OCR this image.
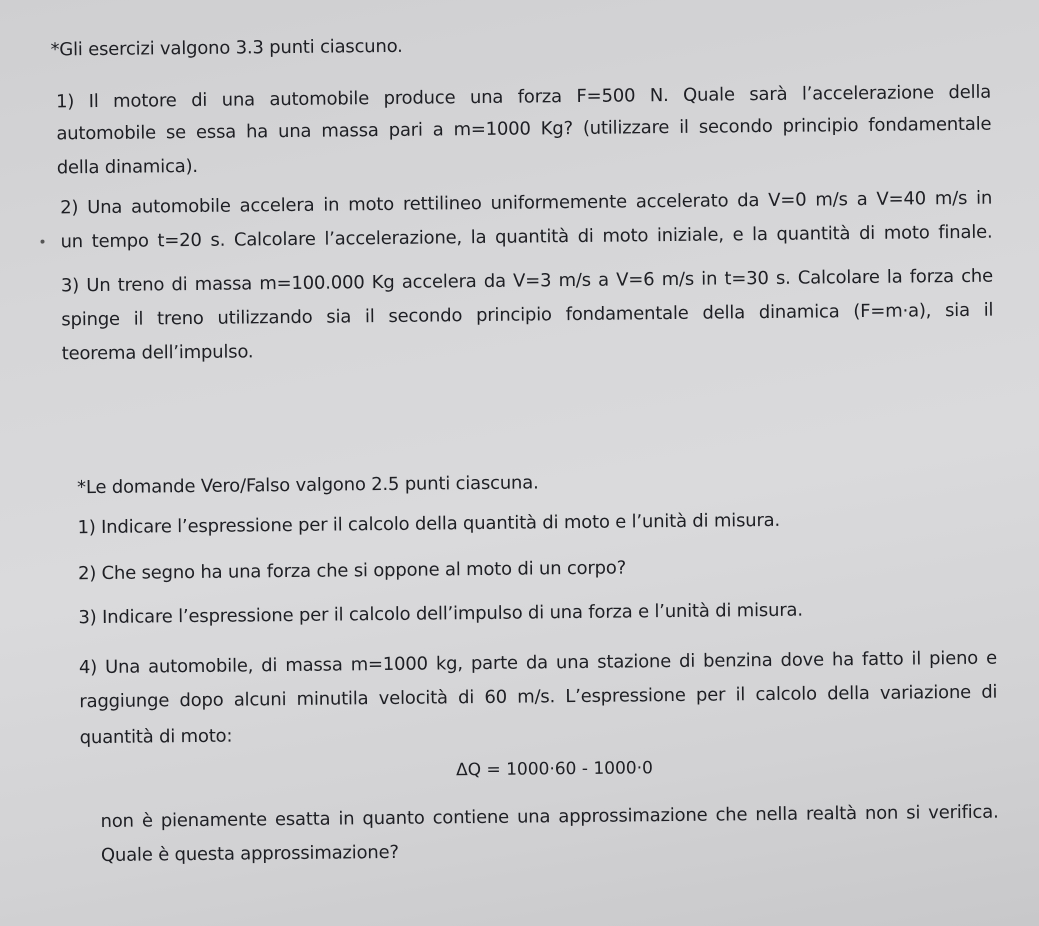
*Gli esercizi valgono 3.3 punti ciascuno.
1) Il motore di una automobile produce una forza F=500 N. Quale sarà l’accelerazione della
automobile se essa ha una massa pari a m=1000 Kg? (utilizzare il secondo principio fondamentale
della dinamica).
2) Una automobile accelera in moto rettilineo uniformemente accelerato da V=0 m/s a V=40 m/s in
un tempo t=20 s. Calcolare l’accelerazione, la quantità di moto iniziale, e la quantità di moto finale.
3) Un treno di massa m=100.000 Kg accelera da V=3 m/s a V=6 m/s in t=30 s. Calcolare la forza che
spinge il treno utilizzando sia il secondo principio fondamentale della dinamica (F=m·a), sia il
teorema dell’impulso.
*Le domande Vero/Falso valgono 2.5 punti ciascuna.
1) Indicare l’espressione per il calcolo della quantità di moto e l’unità di misura.
2) Che segno ha una forza che si oppone al moto di un corpo?
3) Indicare l’espressione per il calcolo dell’impulso di una forza e l’unità di misura.
4) Una automobile, di massa m=1000 kg, parte da una stazione di benzina dove ha fatto il pieno e
raggiunge dopo alcuni minutila velocità di 60 m/s. L’espressione per il calcolo della variazione di
quantità di moto:
ΔQ = 1000·60 - 1000·0
non è pienamente esatta in quanto contiene una approssimazione che nella realtà non si verifica.
Quale è questa approssimazione?
